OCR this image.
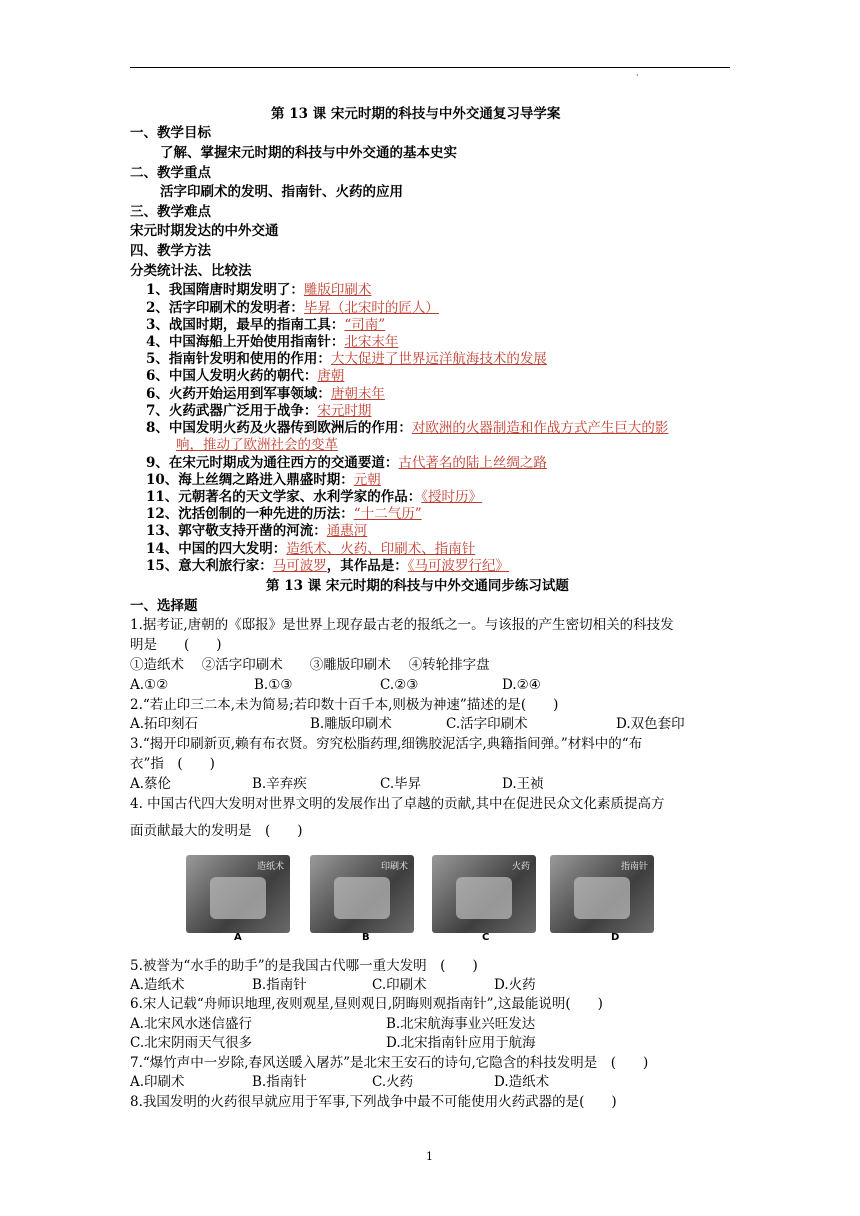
·
第 13 课 宋元时期的科技与中外交通复习导学案
一、教学目标
了解、掌握宋元时期的科技与中外交通的基本史实
二、教学重点
活字印刷术的发明、指南针、火药的应用
三、教学难点
宋元时期发达的中外交通
四、教学方法
分类统计法、比较法
1、我国隋唐时期发明了：雕版印刷术
2、活字印刷术的发明者：毕昇（北宋时的匠人）
3、战国时期，最早的指南工具：“司南”
4、中国海船上开始使用指南针：北宋末年
5、指南针发明和使用的作用：大大促进了世界远洋航海技术的发展
6、中国人发明火药的朝代：唐朝
6、火药开始运用到军事领域：唐朝末年
7、火药武器广泛用于战争：宋元时期
8、中国发明火药及火器传到欧洲后的作用：对欧洲的火器制造和作战方式产生巨大的影
响，推动了欧洲社会的变革
9、在宋元时期成为通往西方的交通要道：古代著名的陆上丝绸之路
10、海上丝绸之路进入鼎盛时期：元朝
11、元朝著名的天文学家、水利学家的作品：《授时历》
12、沈括创制的一种先进的历法：“十二气历”
13、郭守敬支持开凿的河流：通惠河
14、中国的四大发明：造纸术、火药、印刷术、指南针
15、意大利旅行家：马可波罗，其作品是：《马可波罗行纪》
第 13 课 宋元时期的科技与中外交通同步练习试题
一、选择题
1.据考证,唐朝的《邸报》是世界上现存最古老的报纸之一。与该报的产生密切相关的科技发
明是　　(　　)
①造纸术　 ②活字印刷术　　③雕版印刷术　 ④转轮排字盘
A.①②	B.①③	C.②③	D.②④
2.“若止印三二本,未为简易;若印数十百千本,则极为神速”描述的是(　　)
A.拓印刻石	B.雕版印刷术	C.活字印刷术	D.双色套印
3.“揭开印刷新页,赖有布衣贤。穷究松脂药理,细镌胶泥活字,典籍指间弹。”材料中的“布
衣”指　(　　)
A.蔡伦	B.辛弃疾	C.毕昇	D.王祯
4. 中国古代四大发明对世界文明的发展作出了卓越的贡献,其中在促进民众文化素质提高方
面贡献最大的发明是　(　　)
造纸术	印刷术	火药	指南针
A	B	C	D
5.被誉为“水手的助手”的是我国古代哪一重大发明　(　　)
A.造纸术	B.指南针	C.印刷术	D.火药
6.宋人记载“舟师识地理,夜则观星,昼则观日,阴晦则观指南针”,这最能说明(　　)
A.北宋风水迷信盛行	B.北宋航海事业兴旺发达
C.北宋阴雨天气很多	D.北宋指南针应用于航海
7.“爆竹声中一岁除,春风送暖入屠苏”是北宋王安石的诗句,它隐含的科技发明是　(　　)
A.印刷术	B.指南针	C.火药	D.造纸术
8.我国发明的火药很早就应用于军事,下列战争中最不可能使用火药武器的是(　　)
1
